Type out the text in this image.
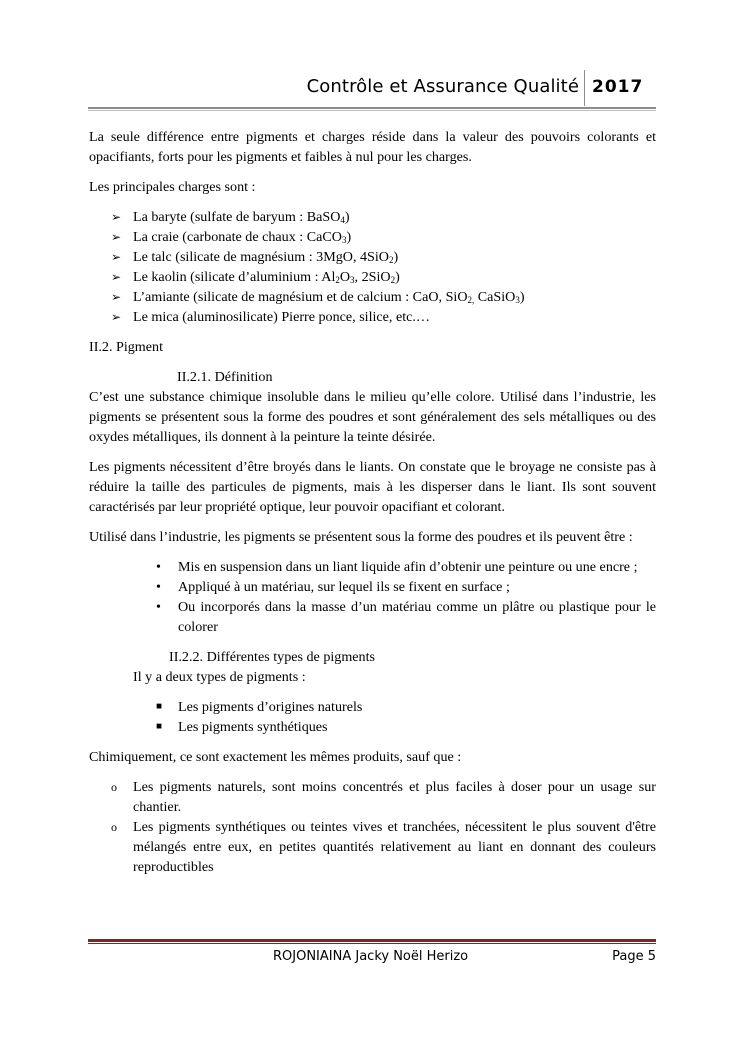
Contrôle et Assurance Qualité 2017

La seule différence entre pigments et charges réside dans la valeur des pouvoirs colorants et opacifiants, forts pour les pigments et faibles à nul pour les charges.

Les principales charges sont :

➢ La baryte (sulfate de baryum : BaSO$_4$)
➢ La craie (carbonate de chaux : CaCO$_3$)
➢ Le talc (silicate de magnésium : 3MgO, 4SiO$_2$)
➢ Le kaolin (silicate d’aluminium : $Al_2O_3$, 2SiO$_2$)
➢ L’amiante (silicate de magnésium et de calcium : CaO, SiO$_{2,}$ CaSiO$_3$)
➢ Le mica (aluminosilicate) Pierre ponce, silice, etc.…

II.2. Pigment

II.2.1. Définition

C’est une substance chimique insoluble dans le milieu qu’elle colore. Utilisé dans l’industrie, les pigments se présentent sous la forme des poudres et sont généralement des sels métalliques ou des oxydes métalliques, ils donnent à la peinture la teinte désirée.

Les pigments nécessitent d’être broyés dans le liants. On constate que le broyage ne consiste pas à réduire la taille des particules de pigments, mais à les disperser dans le liant. Ils sont souvent caractérisés par leur propriété optique, leur pouvoir opacifiant et colorant.

Utilisé dans l’industrie, les pigments se présentent sous la forme des poudres et ils peuvent être :

• Mis en suspension dans un liant liquide afin d’obtenir une peinture ou une encre ;
• Appliqué à un matériau, sur lequel ils se fixent en surface ;
• Ou incorporés dans la masse d’un matériau comme un plâtre ou plastique pour le colorer

II.2.2. Différentes types de pigments

Il y a deux types de pigments :

■ Les pigments d’origines naturels
■ Les pigments synthétiques

Chimiquement, ce sont exactement les mêmes produits, sauf que :

o Les pigments naturels, sont moins concentrés et plus faciles à doser pour un usage sur chantier.
o Les pigments synthétiques ou teintes vives et tranchées, nécessitent le plus souvent d'être mélangés entre eux, en petites quantités relativement au liant en donnant des couleurs reproductibles
ROJONIAINA Jacky Noël Herizo	Page 5
